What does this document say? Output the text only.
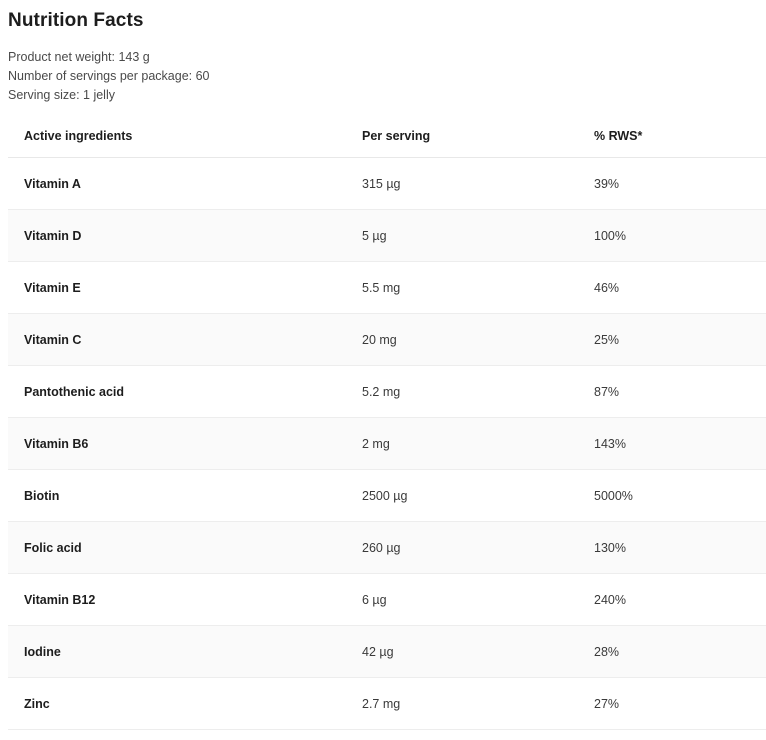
Nutrition Facts
Product net weight: 143 g
Number of servings per package: 60
Serving size: 1 jelly
Active ingredients	Per serving	% RWS*
Vitamin A	315 µg	39%
Vitamin D	5 µg	100%
Vitamin E	5.5 mg	46%
Vitamin C	20 mg	25%
Pantothenic acid	5.2 mg	87%
Vitamin B6	2 mg	143%
Biotin	2500 µg	5000%
Folic acid	260 µg	130%
Vitamin B12	6 µg	240%
Iodine	42 µg	28%
Zinc	2.7 mg	27%
